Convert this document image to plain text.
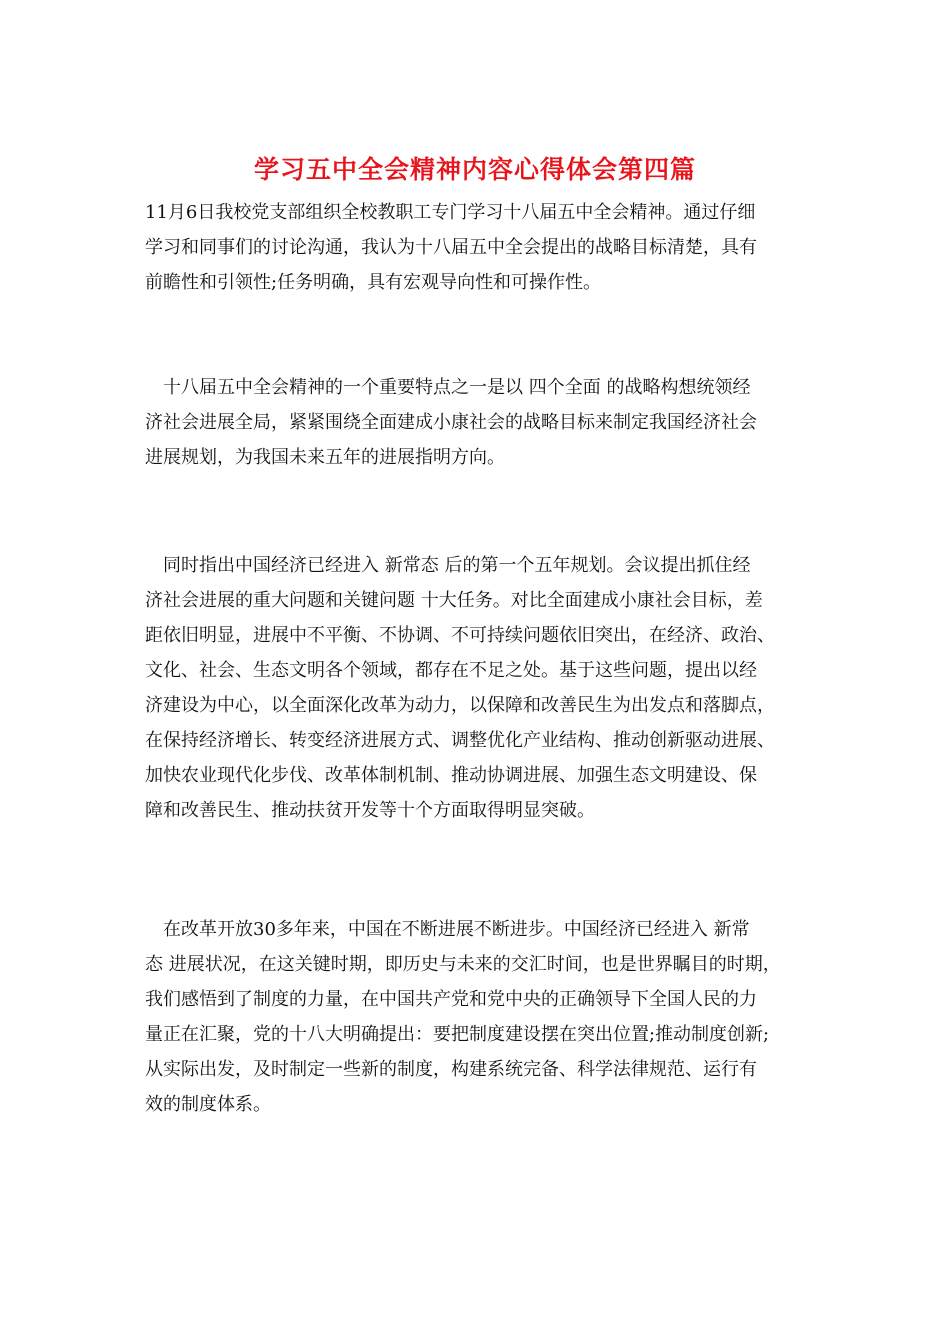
学习五中全会精神内容心得体会第四篇
11月6日我校党支部组织全校教职工专门学习十八届五中全会精神。通过仔细
学习和同事们的讨论沟通，我认为十八届五中全会提出的战略目标清楚，具有
前瞻性和引领性;任务明确，具有宏观导向性和可操作性。
　十八届五中全会精神的一个重要特点之一是以 四个全面 的战略构想统领经
济社会进展全局，紧紧围绕全面建成小康社会的战略目标来制定我国经济社会
进展规划，为我国未来五年的进展指明方向。
　同时指出中国经济已经进入 新常态 后的第一个五年规划。会议提出抓住经
济社会进展的重大问题和关键问题 十大任务。对比全面建成小康社会目标，差
距依旧明显，进展中不平衡、不协调、不可持续问题依旧突出，在经济、政治、
文化、社会、生态文明各个领域，都存在不足之处。基于这些问题，提出以经
济建设为中心，以全面深化改革为动力，以保障和改善民生为出发点和落脚点，
在保持经济增长、转变经济进展方式、调整优化产业结构、推动创新驱动进展、
加快农业现代化步伐、改革体制机制、推动协调进展、加强生态文明建设、保
障和改善民生、推动扶贫开发等十个方面取得明显突破。
　在改革开放30多年来，中国在不断进展不断进步。中国经济已经进入 新常
态 进展状况，在这关键时期，即历史与未来的交汇时间，也是世界瞩目的时期，
我们感悟到了制度的力量，在中国共产党和党中央的正确领导下全国人民的力
量正在汇聚，党的十八大明确提出：要把制度建设摆在突出位置;推动制度创新;
从实际出发，及时制定一些新的制度，构建系统完备、科学法律规范、运行有
效的制度体系。
